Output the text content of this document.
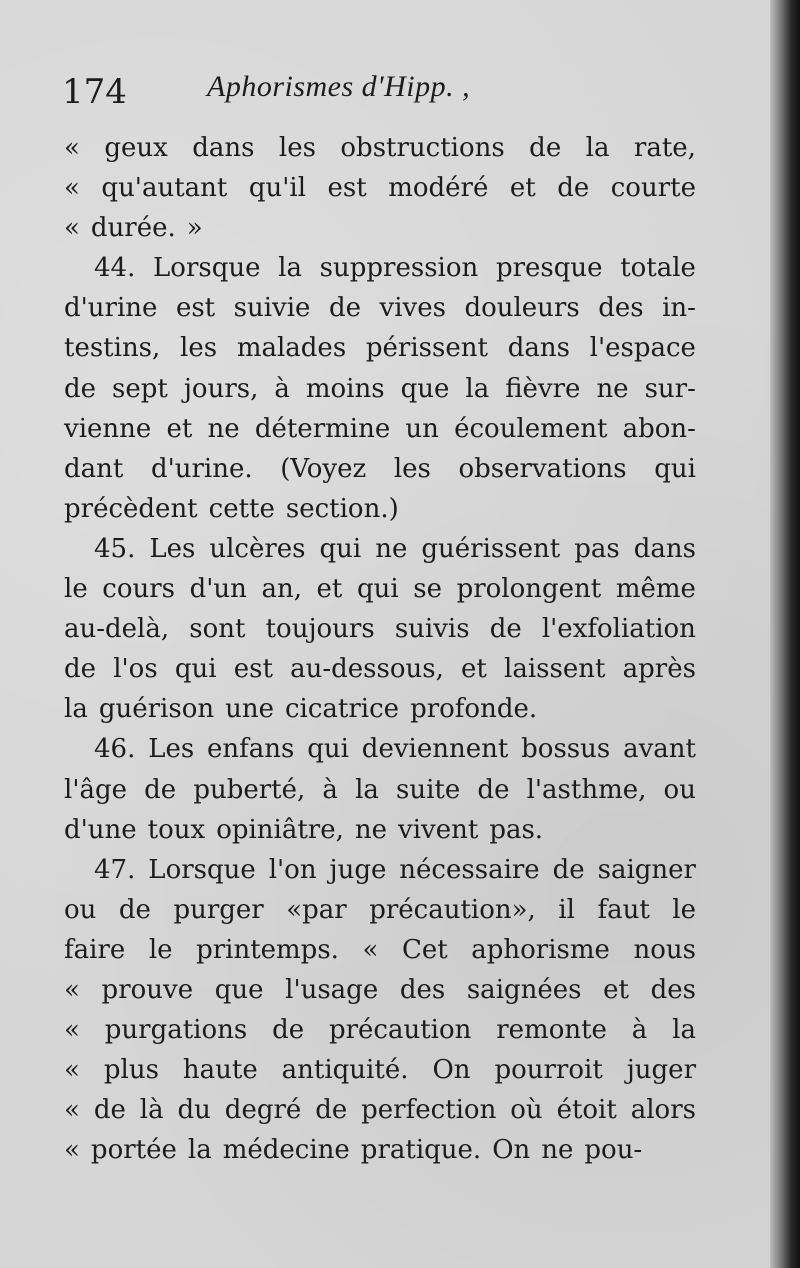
174	Aphorismes d'Hipp. ,
« geux dans les obstructions de la rate,
« qu'autant qu'il est modéré et de courte
« durée. »
44. Lorsque la suppression presque totale
d'urine est suivie de vives douleurs des in-
testins, les malades périssent dans l'espace
de sept jours, à moins que la fièvre ne sur-
vienne et ne détermine un écoulement abon-
dant d'urine. (Voyez les observations qui
précèdent cette section.)
45. Les ulcères qui ne guérissent pas dans
le cours d'un an, et qui se prolongent même
au-delà, sont toujours suivis de l'exfoliation
de l'os qui est au-dessous, et laissent après
la guérison une cicatrice profonde.
46. Les enfans qui deviennent bossus avant
l'âge de puberté, à la suite de l'asthme, ou
d'une toux opiniâtre, ne vivent pas.
47. Lorsque l'on juge nécessaire de saigner
ou de purger «par précaution», il faut le
faire le printemps. « Cet aphorisme nous
« prouve que l'usage des saignées et des
« purgations de précaution remonte à la
« plus haute antiquité. On pourroit juger
« de là du degré de perfection où étoit alors
« portée la médecine pratique. On ne pou-
